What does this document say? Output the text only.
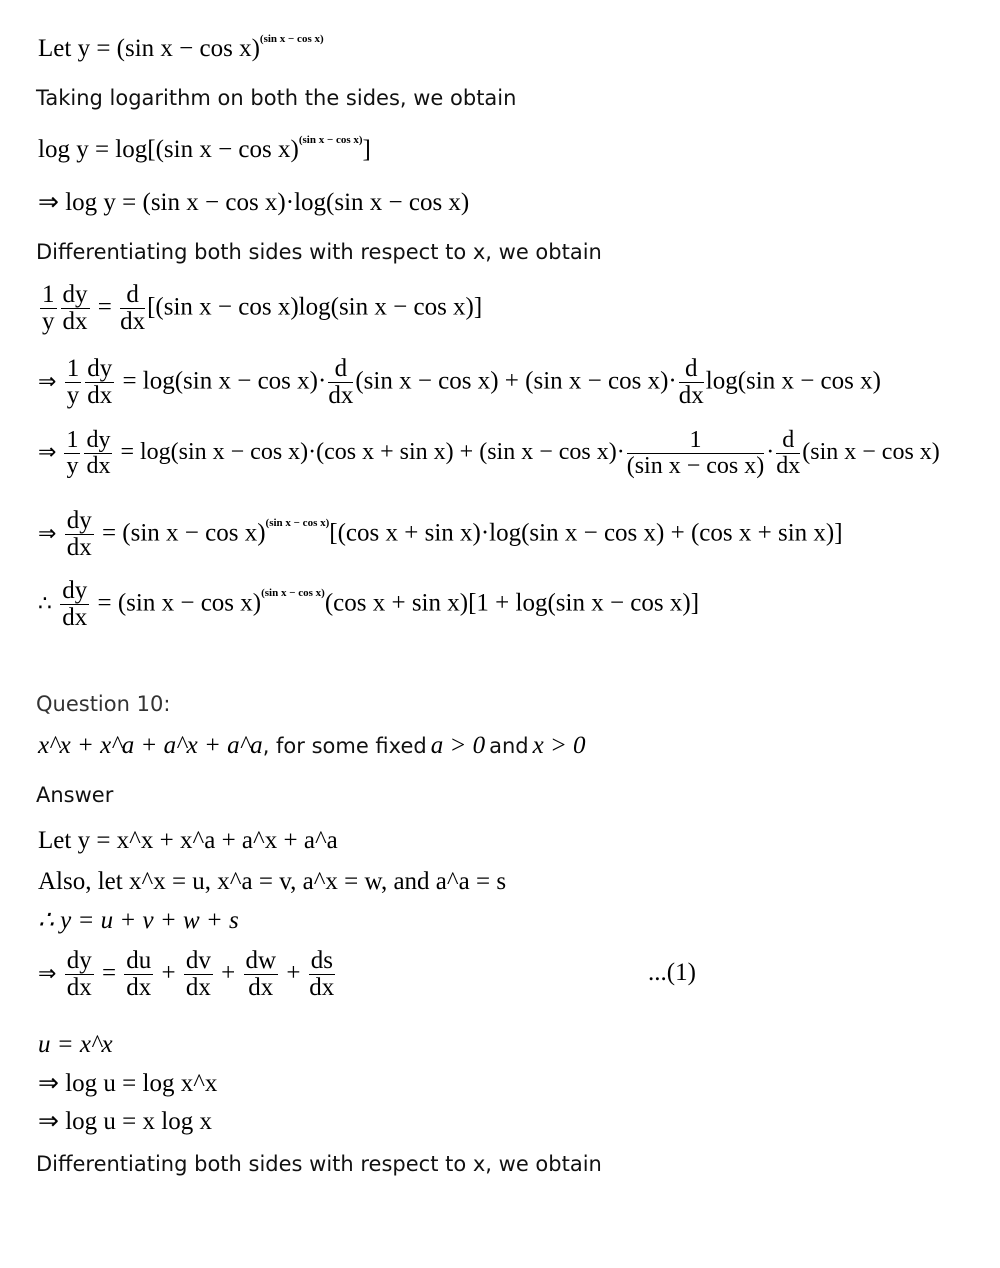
Let y = (sin x − cos x)$^{(sin x - cos x)}$
Taking logarithm on both the sides, we obtain
log y = log[(sin x − cos x)$^{(sin x - cos x)}$]
⇒ log y = (sin x − cos x)·log(sin x − cos x)
Differentiating both sides with respect to x, we obtain
$\frac{1}{y} \frac{dy}{dx} = \frac{d}{dx} [(\sin$ x − cos x)log(sin x − cos x)]
⇒ $\frac{1}{y} \frac{dy}{dx} = \log(\sin$ $x - \cos x)\cdot \frac{d}{dx} (\sin$ x − cos x) + (sin $x - \cos x)\cdot \frac{d}{dx} \log(\sin$ x − cos x)
⇒ $\frac{1}{y} \frac{dy}{dx} = \log(\sin$ x − cos x)·(cos x + sin x) + (sin $x - \cos x)\cdot \frac{1}{\text{(sin x − cos x)}} \cdot \frac{d}{dx} (\sin$ x − cos x)
⇒ $\frac{dy}{dx} = (\sin$ x − cos x)$^{(sin x - cos x)}$[(cos x + sin x)·log(sin x − cos x) + (cos x + sin x)]
∴ $\frac{dy}{dx} = (\sin$ x − cos x)$^{(sin x - cos x)}$(cos x + sin x)[1 + log(sin x − cos x)]
Question 10:
x^x + x^a + a^x + a^a, for some fixed a > 0 and x > 0
Answer
Let y = x^x + x^a + a^x + a^a
Also, let x^x = u, x^a = v, a^x = w, and a^a = s
∴ y = u + v + w + s
⇒ $\frac{dy}{dx} = \frac{du}{dx} + \frac{dv}{dx} + \frac{dw}{dx} + \frac{ds}{dx}$	...(1)
u = x^x
⇒ log u = log x^x
⇒ log u = x log x
Differentiating both sides with respect to x, we obtain
